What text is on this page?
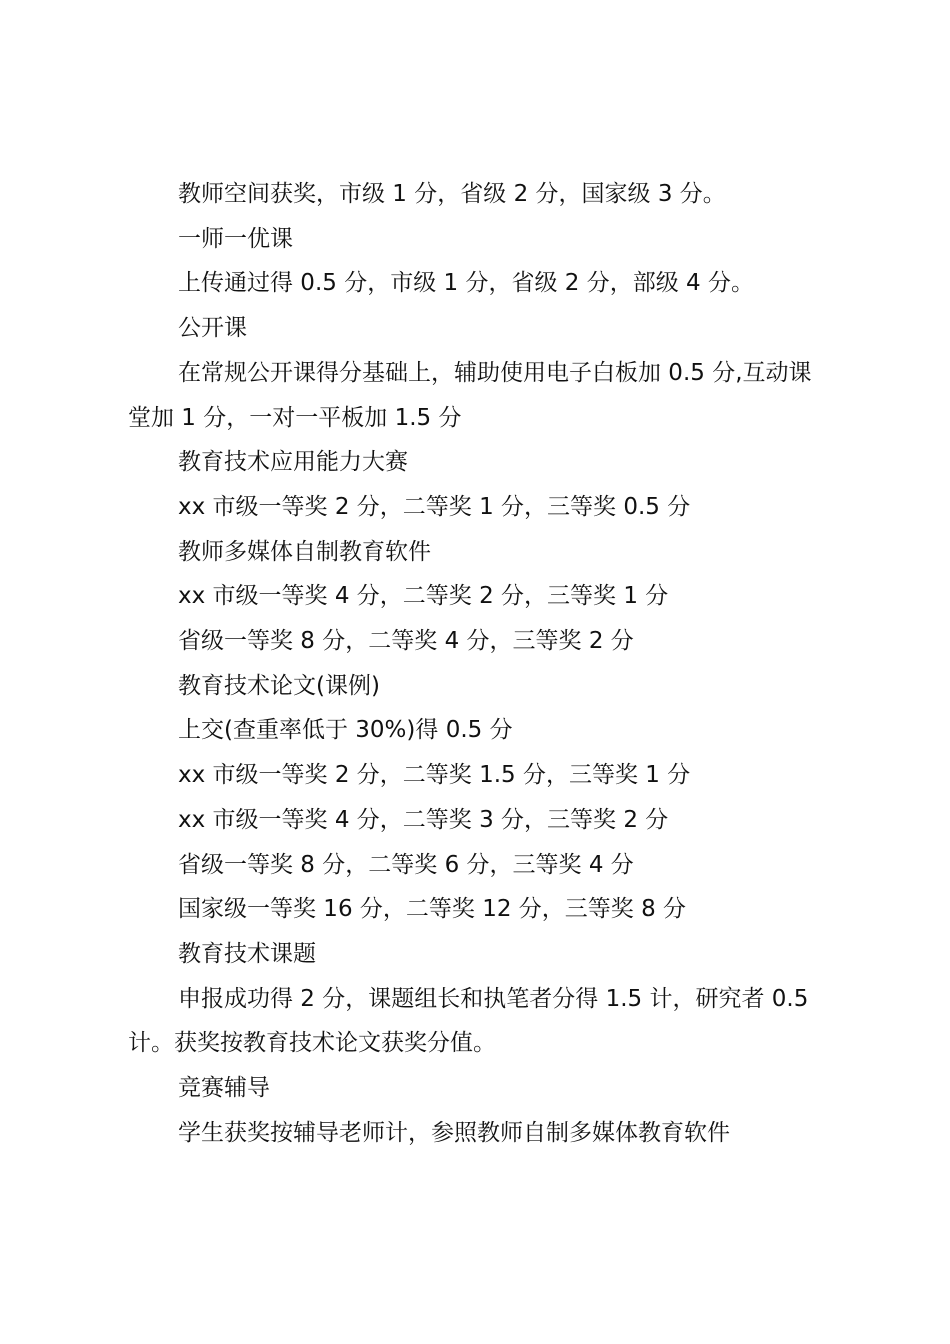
教师空间获奖，市级 1 分，省级 2 分，国家级 3 分。

一师一优课

上传通过得 0.5 分，市级 1 分，省级 2 分，部级 4 分。

公开课

在常规公开课得分基础上，辅助使用电子白板加 0.5 分,互动课堂加 1 分，一对一平板加 1.5 分

教育技术应用能力大赛

xx 市级一等奖 2 分，二等奖 1 分，三等奖 0.5 分

教师多媒体自制教育软件

xx 市级一等奖 4 分，二等奖 2 分，三等奖 1 分

省级一等奖 8 分，二等奖 4 分，三等奖 2 分

教育技术论文(课例)

上交(查重率低于 30%)得 0.5 分

xx 市级一等奖 2 分，二等奖 1.5 分，三等奖 1 分

xx 市级一等奖 4 分，二等奖 3 分，三等奖 2 分

省级一等奖 8 分，二等奖 6 分，三等奖 4 分

国家级一等奖 16 分，二等奖 12 分，三等奖 8 分

教育技术课题

申报成功得 2 分，课题组长和执笔者分得 1.5 计，研究者 0.5 计。获奖按教育技术论文获奖分值。

竞赛辅导

学生获奖按辅导老师计，参照教师自制多媒体教育软件
